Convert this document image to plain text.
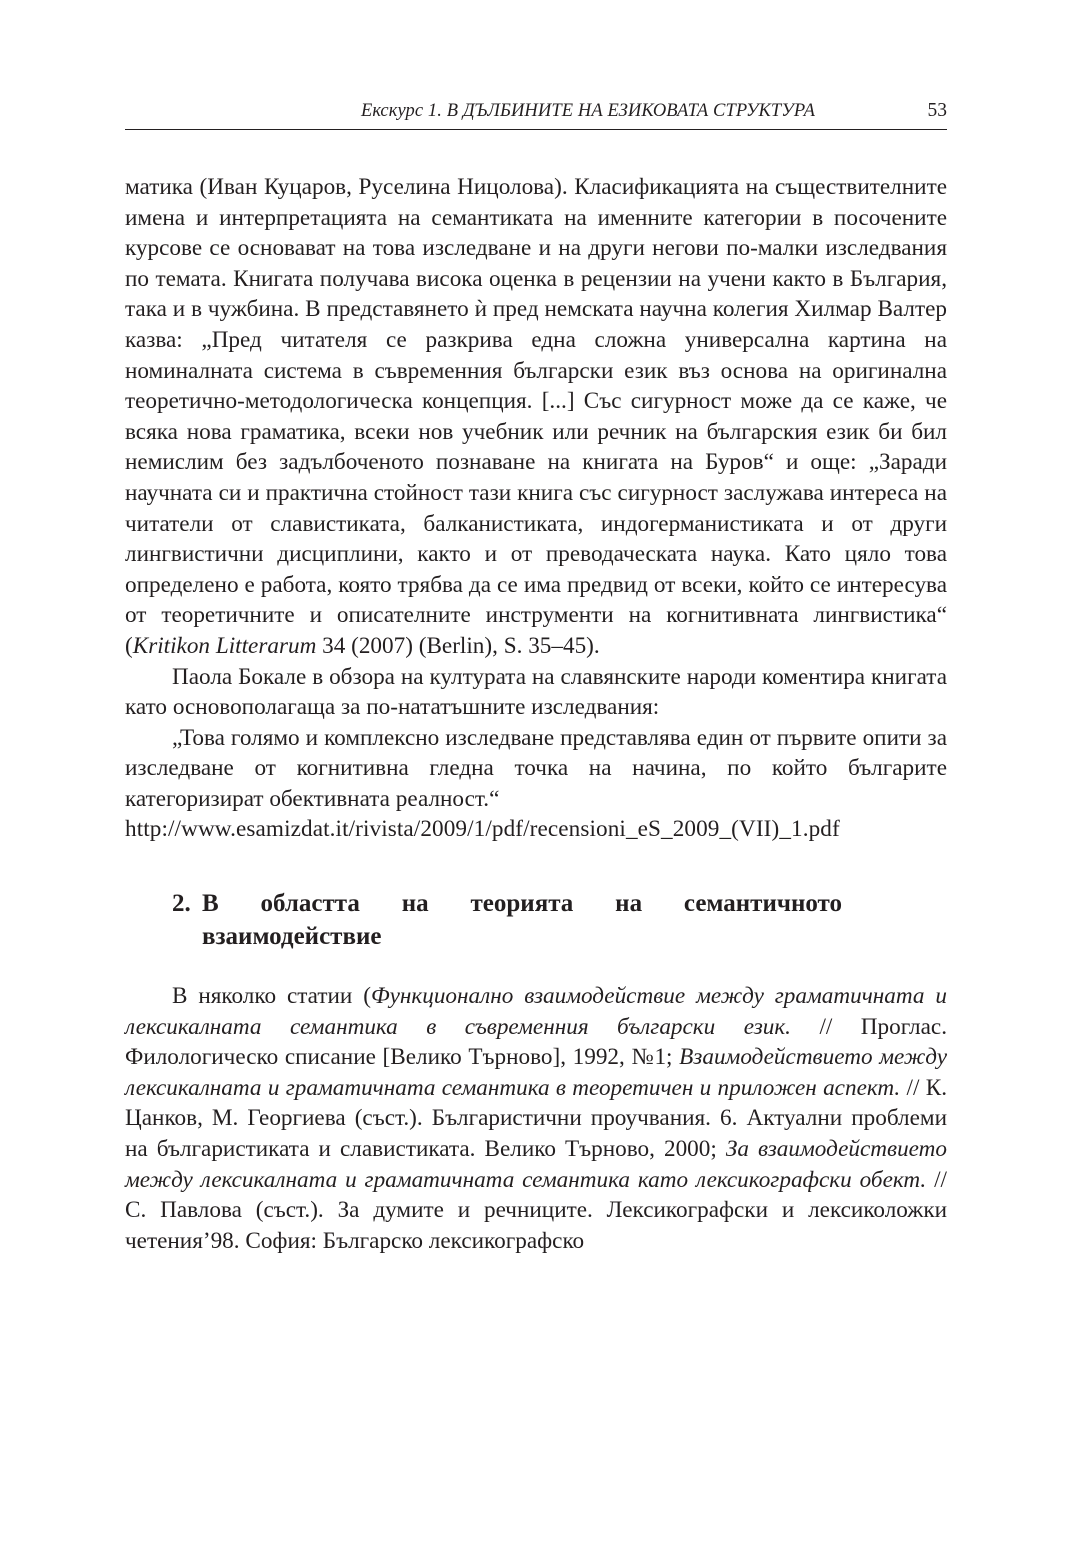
Екскурс 1. В ДЪЛБИНИТЕ НА ЕЗИКОВАТА СТРУКТУРА	53

матика (Иван Куцаров, Руселина Ницолова). Класификацията на съществителните имена и интерпретацията на семантиката на именните категории в посочените курсове се основават на това изследване и на други негови по-малки изследвания по темата. Книгата получава висока оценка в рецензии на учени както в България, така и в чужбина. В представянето ѝ пред немската научна колегия Хилмар Валтер казва: „Пред читателя се разкрива една сложна универсална картина на номиналната система в съвременния български език въз основа на оригинална теоретично-методологическа концепция. [...] Със сигурност може да се каже, че всяка нова граматика, всеки нов учебник или речник на българския език би бил немислим без задълбоченото познаване на книгата на Буров“ и още: „Заради научната си и практична стойност тази книга със сигурност заслужава интереса на читатели от славистиката, балканистиката, индогерманистиката и от други лингвистични дисциплини, както и от преводаческата наука. Като цяло това определено е работа, която трябва да се има предвид от всеки, който се интересува от теоретичните и описателните инструменти на когнитивната лингвистика“ (Kritikon Litterarum 34 (2007) (Berlin), S. 35–45).

Паола Бокале в обзора на културата на славянските народи коментира книгата като основополагаща за по-нататъшните изследвания:

„Това голямо и комплексно изследване представлява един от първите опити за изследване от когнитивна гледна точка на начина, по който българите категоризират обективната реалност.“
http://www.esamizdat.it/rivista/2009/1/pdf/recensioni_eS_2009_(VII)_1.pdf

2. В областта на теорията на семантичното взаимодействие

В няколко статии (Функционално взаимодействие между граматичната и лексикалната семантика в съвременния български език. // Проглас. Филологическо списание [Велико Търново], 1992, №1; Взаимодействието между лексикалната и граматичната семантика в теоретичен и приложен аспект. // К. Цанков, М. Георгиева (съст.). Българистични проучвания. 6. Актуални проблеми на българистиката и славистиката. Велико Търново, 2000; За взаимодействието между лексикалната и граматичната семантика като лексикографски обект. // С. Павлова (съст.). За думите и речниците. Лексикографски и лексиколожки четения’98. София: Българско лексикографско
